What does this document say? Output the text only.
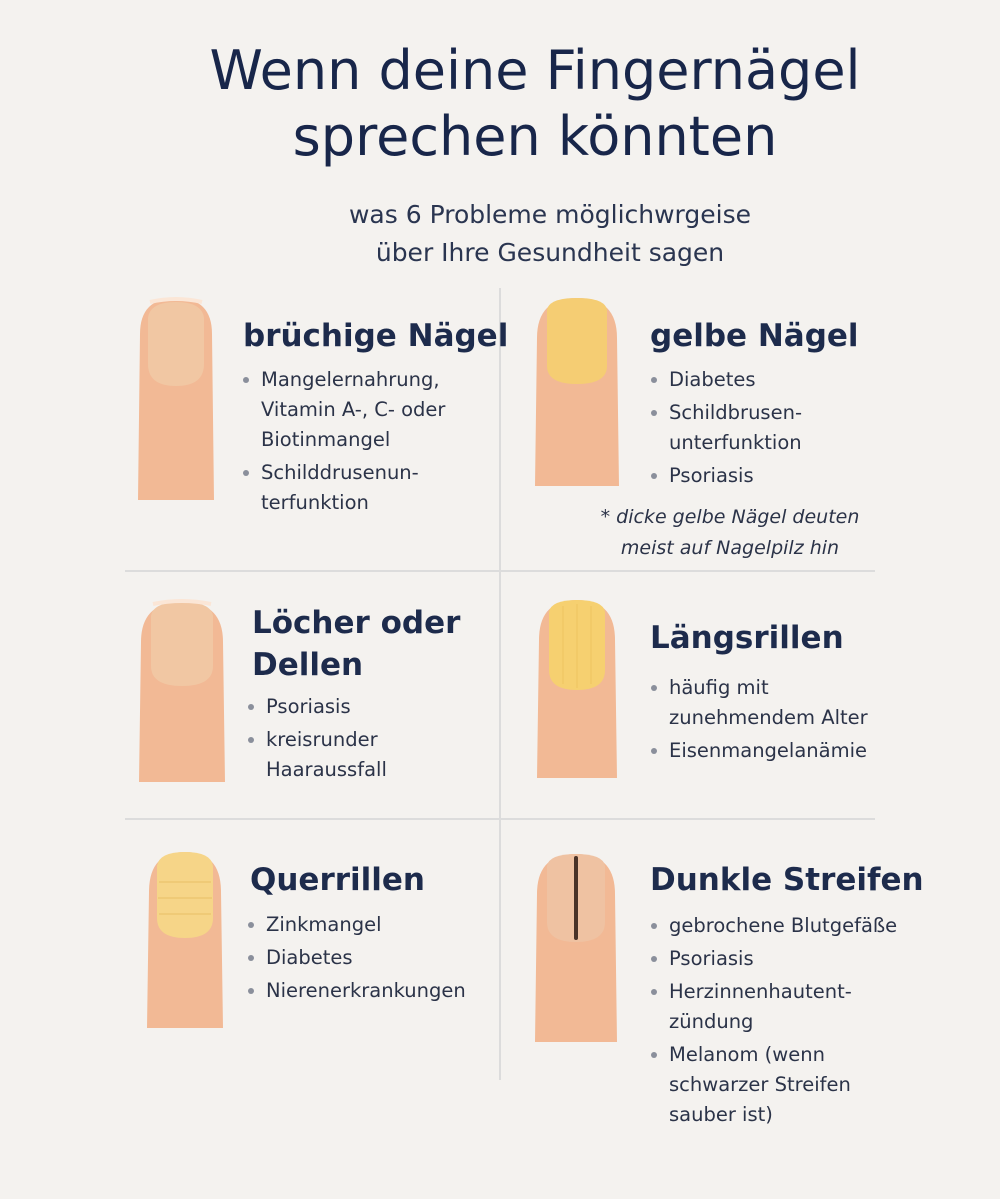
Wenn deine Fingernägel
sprechen könnten
was 6 Probleme möglichwrgeise
über Ihre Gesundheit sagen
brüchige Nägel
Mangelernahrung,
Vitamin A-, C- oder
Biotinmangel
Schilddrusenun-
terfunktion
gelbe Nägel
Diabetes
Schildbrusen-
unterfunktion
Psoriasis
* dicke gelbe Nägel deuten
meist auf Nagelpilz hin
Löcher oder
Dellen
Psoriasis
kreisrunder
Haaraussfall
Längsrillen
häufig mit
zunehmendem Alter
Eisenmangelanämie
Querrillen
Zinkmangel
Diabetes
Nierenerkrankungen
Dunkle Streifen
gebrochene Blutgefäße
Psoriasis
Herzinnenhautent-
zündung
Melanom (wenn
schwarzer Streifen
sauber ist)
